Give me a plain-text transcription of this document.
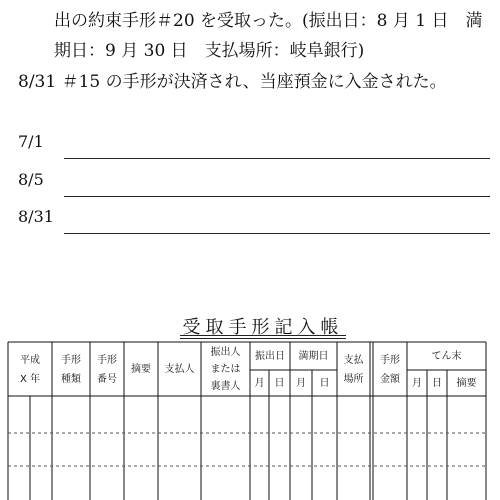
出の約束手形＃20 を受取った。(振出日：8 月 1 日　満
期日：9 月 30 日　支払場所：岐阜銀行)
8/31 ＃15 の手形が決済され、当座預金に入金された。
7/1
8/5
8/31
受取手形記入帳
平成
X 年
手形
種類
手形
番号
摘要 支払人
振出人
または
裏書人
振出日
月 日
満期日
月 日
支払
場所
手形
金額
てん末
月 日 摘要
